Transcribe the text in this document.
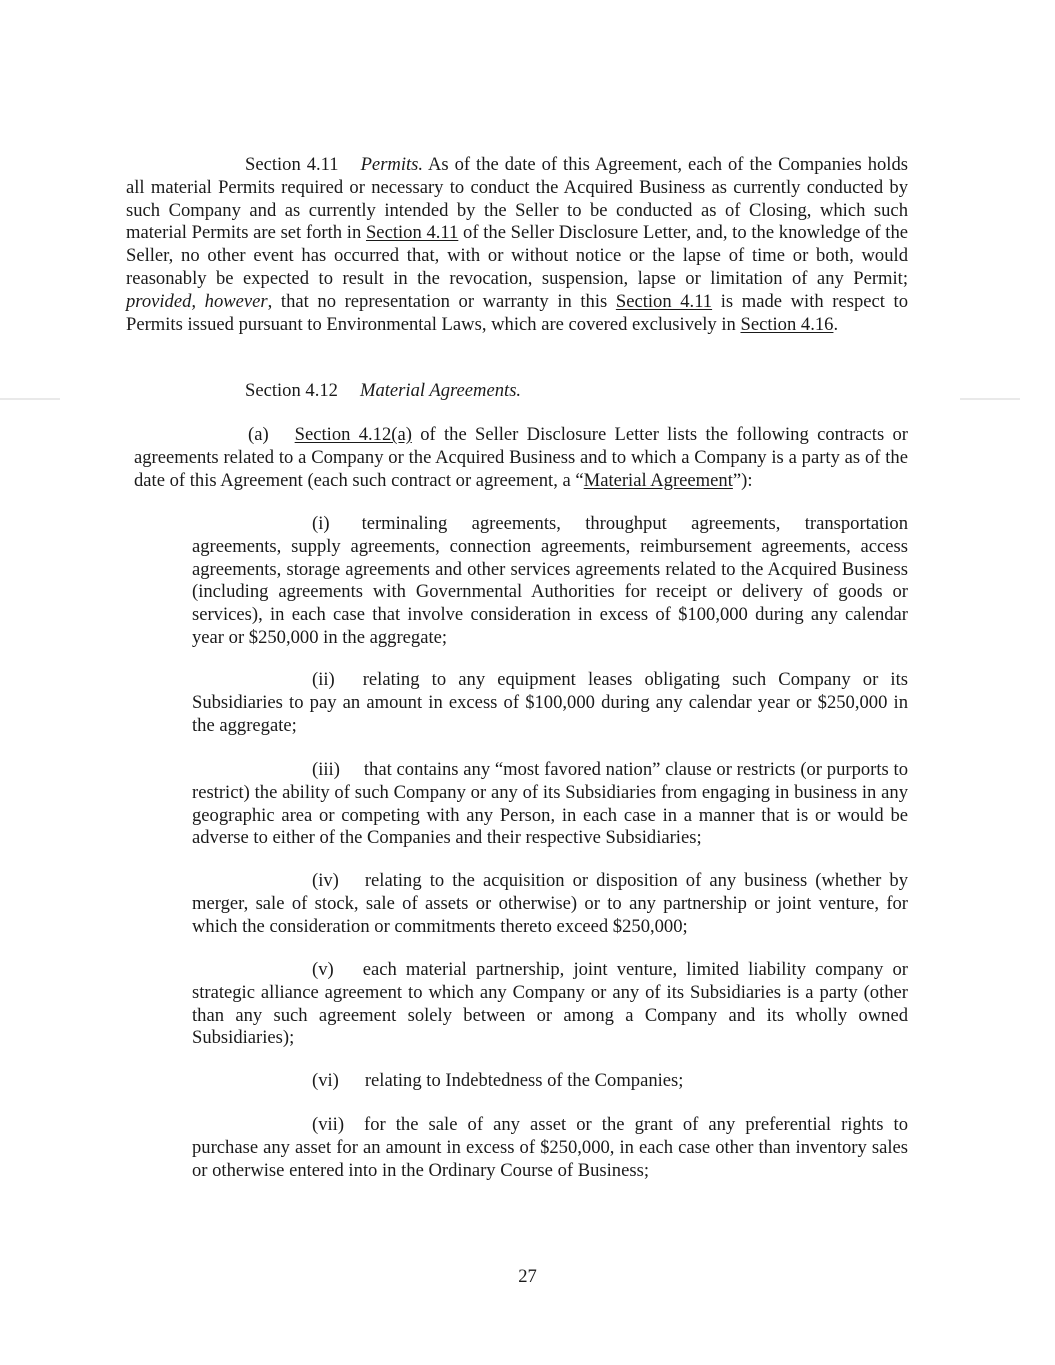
Section 4.11 Permits. As of the date of this Agreement, each of the Companies holds all material Permits required or necessary to conduct the Acquired Business as currently conducted by such Company and as currently intended by the Seller to be conducted as of Closing, which such material Permits are set forth in Section 4.11 of the Seller Disclosure Letter, and, to the knowledge of the Seller, no other event has occurred that, with or without notice or the lapse of time or both, would reasonably be expected to result in the revocation, suspension, lapse or limitation of any Permit; provided, however, that no representation or warranty in this Section 4.11 is made with respect to Permits issued pursuant to Environmental Laws, which are covered exclusively in Section 4.16.

Section 4.12 Material Agreements.

(a) Section 4.12(a) of the Seller Disclosure Letter lists the following contracts or agreements related to a Company or the Acquired Business and to which a Company is a party as of the date of this Agreement (each such contract or agreement, a “Material Agreement”):

(i) terminaling agreements, throughput agreements, transportation agreements, supply agreements, connection agreements, reimbursement agreements, access agreements, storage agreements and other services agreements related to the Acquired Business (including agreements with Governmental Authorities for receipt or delivery of goods or services), in each case that involve consideration in excess of $100,000 during any calendar year or $250,000 in the aggregate;

(ii) relating to any equipment leases obligating such Company or its Subsidiaries to pay an amount in excess of $100,000 during any calendar year or $250,000 in the aggregate;

(iii) that contains any “most favored nation” clause or restricts (or purports to restrict) the ability of such Company or any of its Subsidiaries from engaging in business in any geographic area or competing with any Person, in each case in a manner that is or would be adverse to either of the Companies and their respective Subsidiaries;

(iv) relating to the acquisition or disposition of any business (whether by merger, sale of stock, sale of assets or otherwise) or to any partnership or joint venture, for which the consideration or commitments thereto exceed $250,000;

(v) each material partnership, joint venture, limited liability company or strategic alliance agreement to which any Company or any of its Subsidiaries is a party (other than any such agreement solely between or among a Company and its wholly owned Subsidiaries);

(vi) relating to Indebtedness of the Companies;

(vii) for the sale of any asset or the grant of any preferential rights to purchase any asset for an amount in excess of $250,000, in each case other than inventory sales or otherwise entered into in the Ordinary Course of Business;

27
